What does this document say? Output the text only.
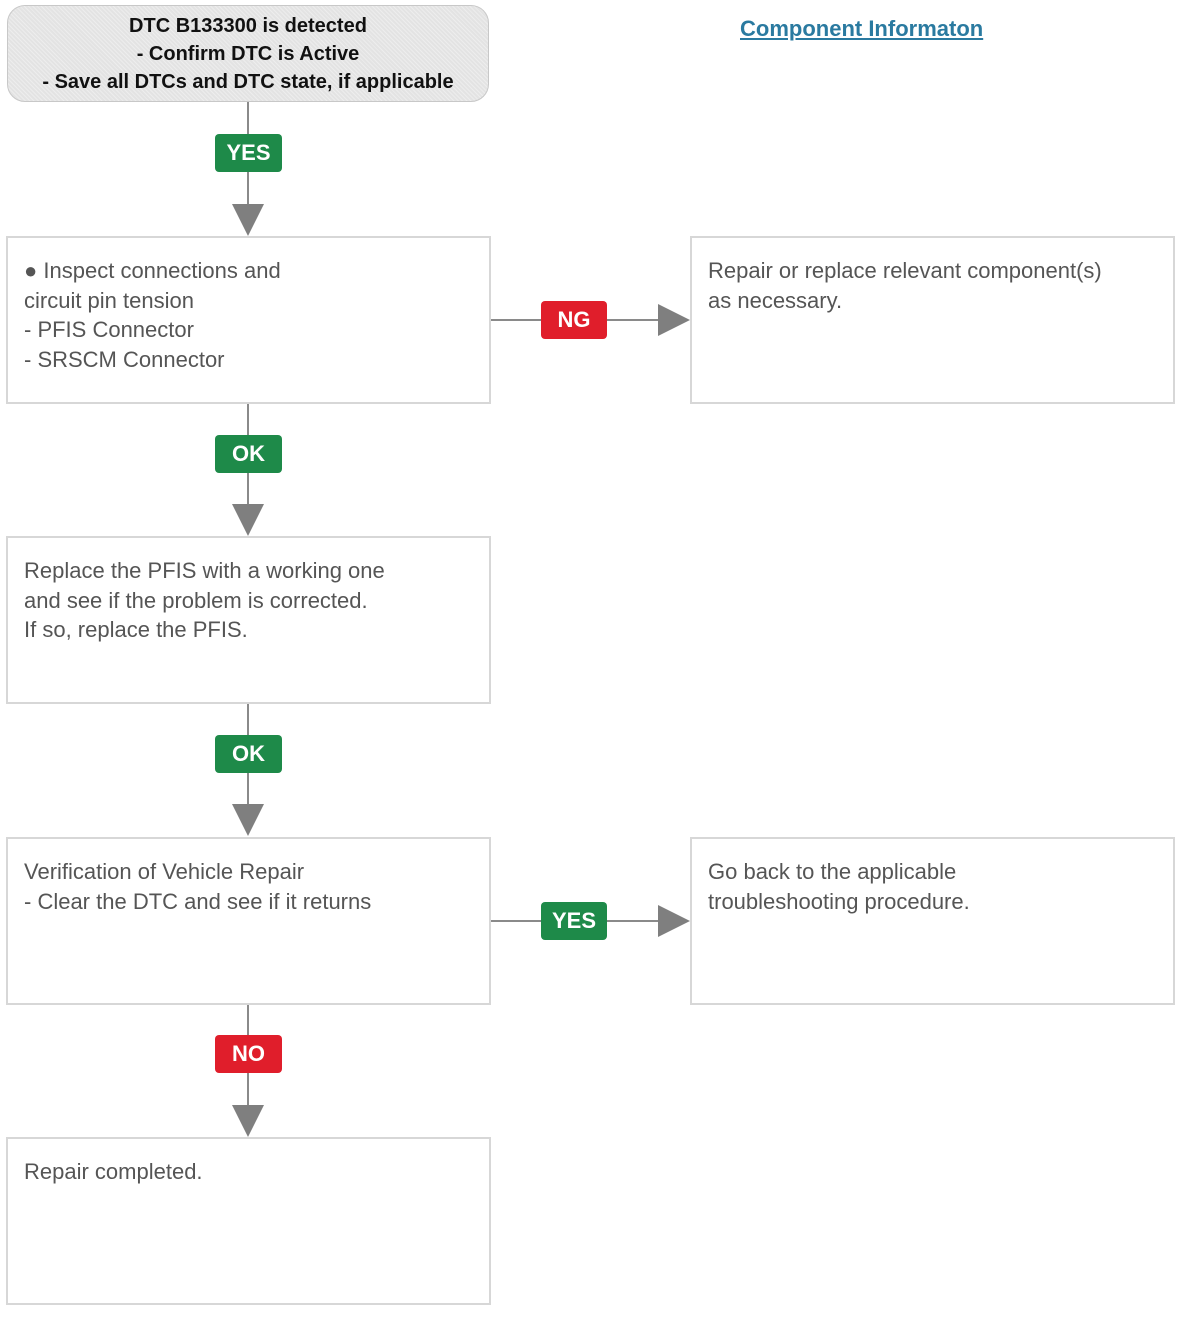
DTC B133300 is detected
- Confirm DTC is Active
- Save all DTCs and DTC state, if applicable
Component Informaton
● Inspect connections and
circuit pin tension
- PFIS Connector
- SRSCM Connector
Repair or replace relevant component(s)
as necessary.
Replace the PFIS with a working one
and see if the problem is corrected.
If so, replace the PFIS.
Verification of Vehicle Repair
- Clear the DTC and see if it returns
Go back to the applicable
troubleshooting procedure.
Repair completed.
YES
NG
OK
OK
YES
NO
